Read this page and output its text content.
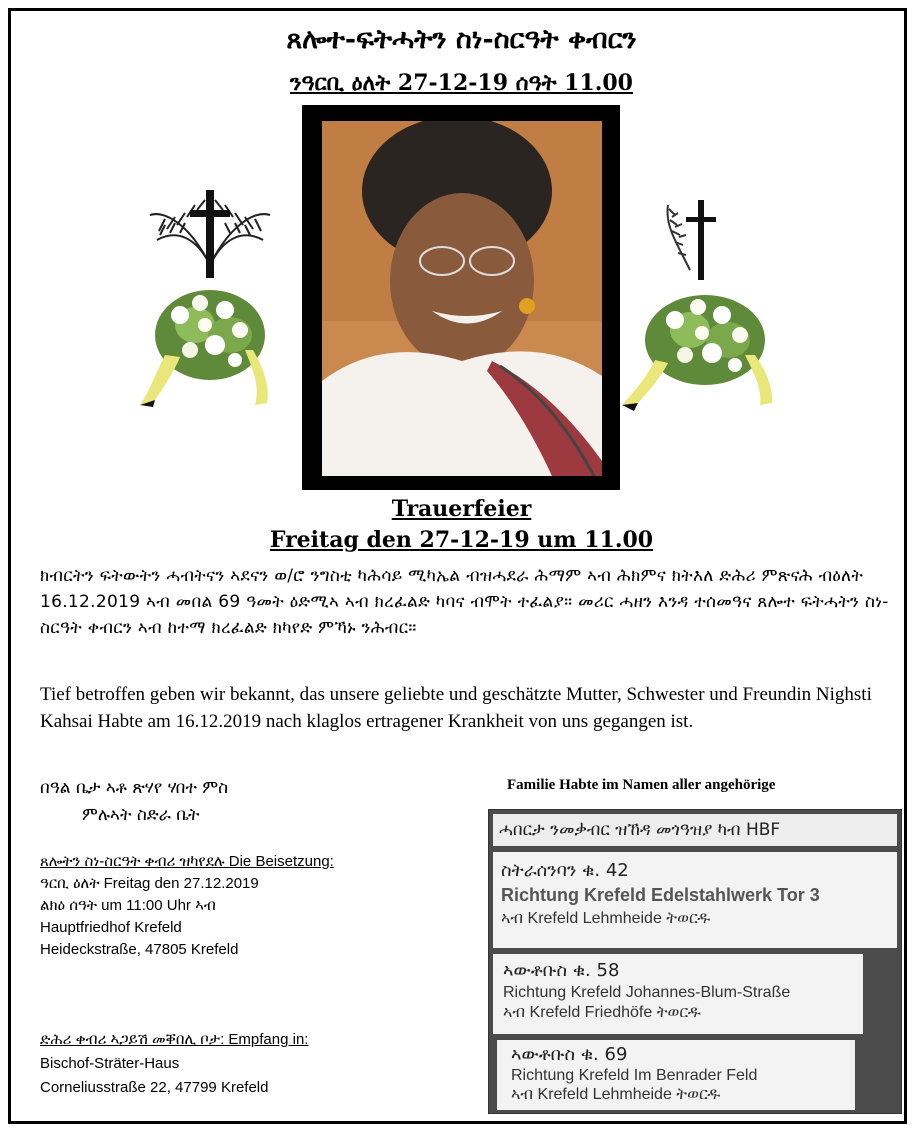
ጸሎተ-ፍትሓትን ስነ-ስርዓት ቀብርን
ንዓርቢ ዕለት 27-12-19 ሰዓት 11.00
Trauerfeier
Freitag den 27-12-19 um 11.00
ክብርትን ፍትውትን ሓብትናን ኣደናን ወ/ሮ ንግስቲ ካሕሳይ ሚካኤል ብዝሓደራ ሕማም ኣብ ሕክምና ክትእለ ድሕሪ ምጽናሕ ብዕለት 16.12.2019 ኣብ መበል 69 ዓመት ዕድሚኣ ኣብ ክረፈልድ ካባና ብሞት ተፈልያ። መሪር ሓዘን እንዳ ተሰመዓና ጸሎተ ፍትሓትን ስነ-ስርዓት ቀብርን ኣብ ከተማ ክረፈልድ ክካየድ ምኻኑ ንሕብር።
Tief betroffen geben wir bekannt, das unsere geliebte und geschätzte Mutter, Schwester und Freundin Nighsti Kahsai Habte am 16.12.2019 nach klaglos ertragener Krankheit von uns gegangen ist.
በዓል ቤታ ኣቶ ጽሃየ ሃበተ ምስ
ምሉኣት ስድራ ቤት
Familie Habte im Namen aller angehörige
ጸሎትን ስነ-ስርዓት ቀብሪ ዝካየደሉ Die Beisetzung:
ዓርቢ ዕለት Freitag den 27.12.2019
ልክዕ ሰዓት um 11:00 Uhr ኣብ
Hauptfriedhof Krefeld
Heideckstraße, 47805 Krefeld
ድሕሪ ቀብሪ ኣጋይሽ መቐበሊ ቦታ: Empfang in:
Bischof-Sträter-Haus
Corneliusstraße 22, 47799 Krefeld
ሓበርታ ንመቃብር ዝኸዳ መጎዓዝያ ካብ HBF
ስትራሰንባን ቁ. 42
Richtung Krefeld Edelstahlwerk Tor 3
ኣብ Krefeld Lehmheide ትወርዱ
ኣውቶቡስ ቁ. 58
Richtung Krefeld Johannes-Blum-Straße
ኣብ Krefeld Friedhöfe ትወርዱ
ኣውቶቡስ ቁ. 69
Richtung Krefeld Im Benrader Feld
ኣብ Krefeld Lehmheide ትወርዱ
